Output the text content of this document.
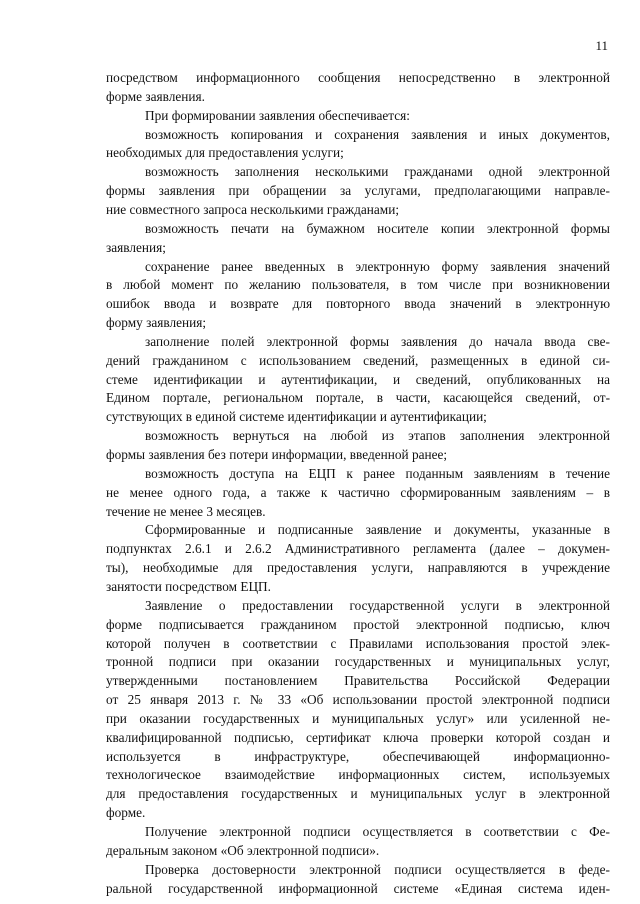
11
посредством информационного сообщения непосредственно в электронной
форме заявления.
При формировании заявления обеспечивается:
возможность копирования и сохранения заявления и иных документов,
необходимых для предоставления услуги;
возможность заполнения несколькими гражданами одной электронной
формы заявления при обращении за услугами, предполагающими направле-
ние совместного запроса несколькими гражданами;
возможность печати на бумажном носителе копии электронной формы
заявления;
сохранение ранее введенных в электронную форму заявления значений
в любой момент по желанию пользователя, в том числе при возникновении
ошибок ввода и возврате для повторного ввода значений в электронную
форму заявления;
заполнение полей электронной формы заявления до начала ввода све-
дений гражданином с использованием сведений, размещенных в единой си-
стеме идентификации и аутентификации, и сведений, опубликованных на
Едином портале, региональном портале, в части, касающейся сведений, от-
сутствующих в единой системе идентификации и аутентификации;
возможность вернуться на любой из этапов заполнения электронной
формы заявления без потери информации, введенной ранее;
возможность доступа на ЕЦП к ранее поданным заявлениям в течение
не менее одного года, а также к частично сформированным заявлениям – в
течение не менее 3 месяцев.
Сформированные и подписанные заявление и документы, указанные в
подпунктах 2.6.1 и 2.6.2 Административного регламента (далее – докумен-
ты), необходимые для предоставления услуги, направляются в учреждение
занятости посредством ЕЦП.
Заявление о предоставлении государственной услуги в электронной
форме подписывается гражданином простой электронной подписью, ключ
которой получен в соответствии с Правилами использования простой элек-
тронной подписи при оказании государственных и муниципальных услуг,
утвержденными постановлением Правительства Российской Федерации
от 25 января 2013 г. № 33 «Об использовании простой электронной подписи
при оказании государственных и муниципальных услуг» или усиленной не-
квалифицированной подписью, сертификат ключа проверки которой создан и
используется в инфраструктуре, обеспечивающей информационно-
технологическое взаимодействие информационных систем, используемых
для предоставления государственных и муниципальных услуг в электронной
форме.
Получение электронной подписи осуществляется в соответствии с Фе-
деральным законом «Об электронной подписи».
Проверка достоверности электронной подписи осуществляется в феде-
ральной государственной информационной системе «Единая система иден-
